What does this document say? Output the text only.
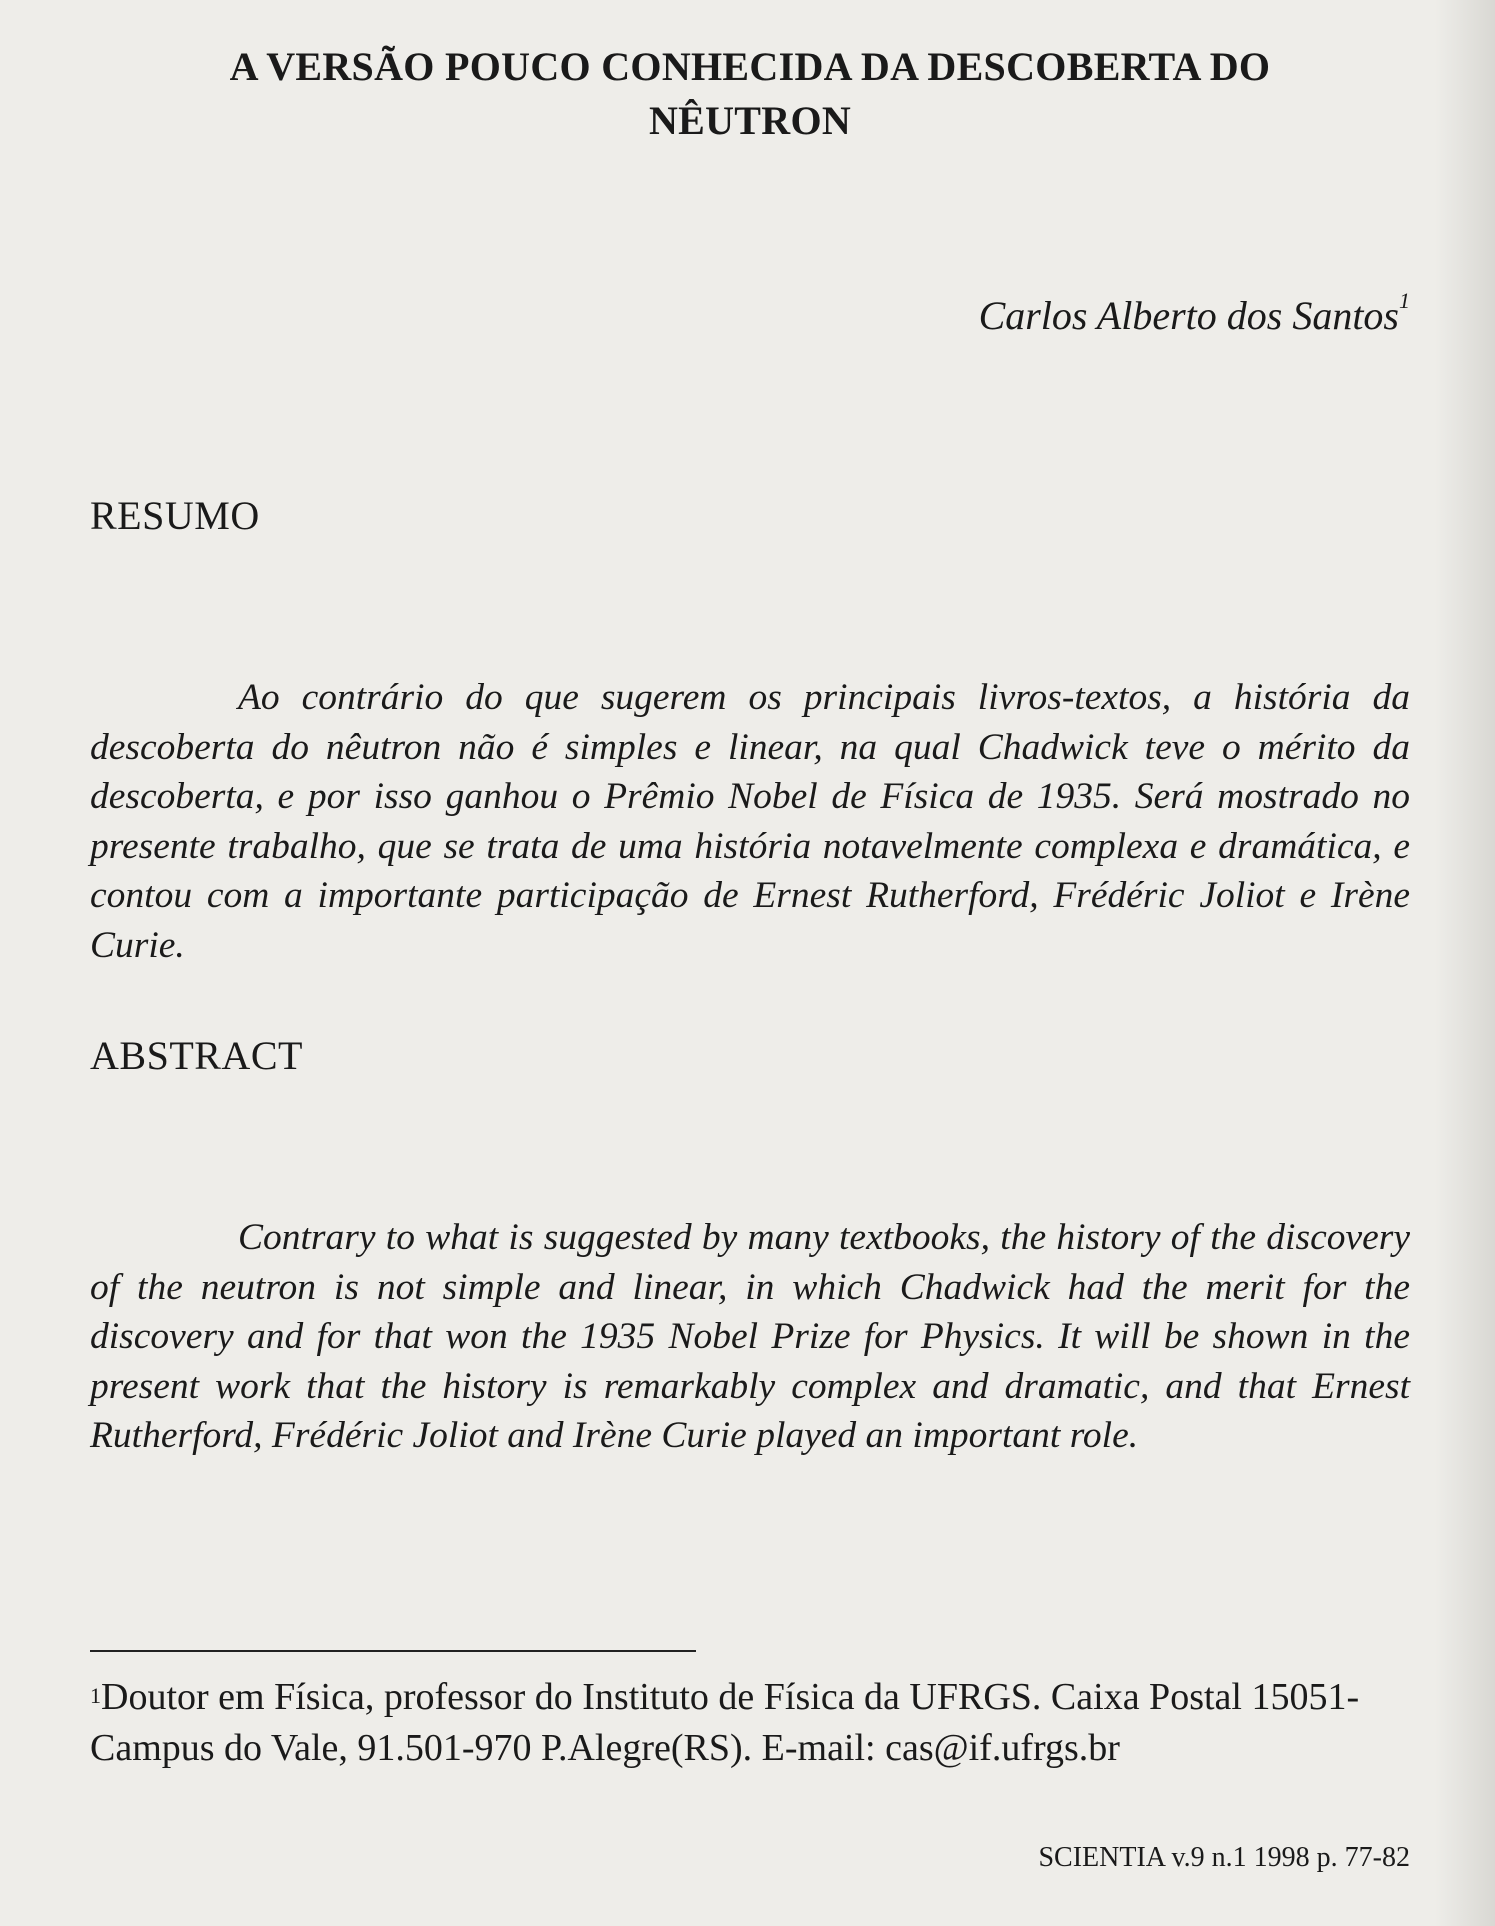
A VERSÃO POUCO CONHECIDA DA DESCOBERTA DO
NÊUTRON
Carlos Alberto dos Santos$^1$
RESUMO

Ao contrário do que sugerem os principais livros-textos, a história da descoberta do nêutron não é simples e linear, na qual Chadwick teve o mérito da descoberta, e por isso ganhou o Prêmio Nobel de Física de 1935. Será mostrado no presente trabalho, que se trata de uma história notavelmente complexa e dramática, e contou com a importante participação de Ernest Rutherford, Frédéric Joliot e Irène Curie.

ABSTRACT

Contrary to what is suggested by many textbooks, the history of the discovery of the neutron is not simple and linear, in which Chadwick had the merit for the discovery and for that won the 1935 Nobel Prize for Physics. It will be shown in the present work that the history is remarkably complex and dramatic, and that Ernest Rutherford, Frédéric Joliot and Irène Curie played an important role.

$^1$Doutor em Física, professor do Instituto de Física da UFRGS. Caixa Postal 15051-Campus do Vale, 91.501-970 P.Alegre(RS). E-mail: cas@if.ufrgs.br

SCIENTIA v.9 n.1 1998 p. 77-82
